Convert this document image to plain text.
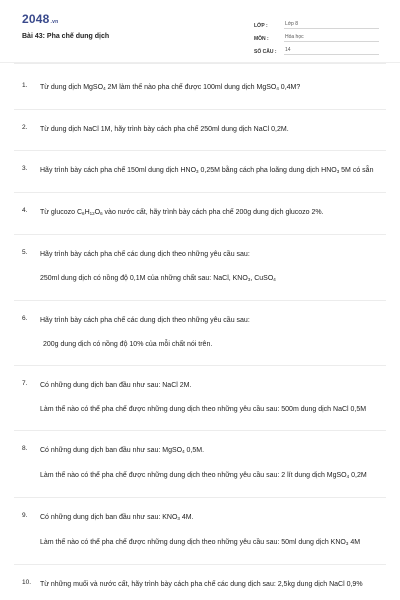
2048.vn
Bài 43: Pha chế dung dịch
LỚP :	Lớp 8
MÔN :	Hóa học
SỐ CÂU :	14
1. Từ dung dịch MgSO$_4$ 2M làm thế nào pha chế được 100ml dung dịch MgSO$_4$ 0,4M?
2. Từ dung dịch NaCl 1M, hãy trình bày cách pha chế 250ml dung dịch NaCl 0,2M.
3. Hãy trình bày cách pha chế 150ml dung dịch $HNO_3$ 0,25M bằng cách pha loãng dung dịch $HNO_3$ 5M có sẵn
4. Từ glucozo $C_6H_{12}O_6$ vào nước cất, hãy trình bày cách pha chế 200g dung dịch glucozo 2%.
5. Hãy trình bày cách pha chế các dung dịch theo những yêu cầu sau:
250ml dung dịch có nồng độ 0,1M của những chất sau: NaCl, $KNO_3$, CuSO$_4$
6. Hãy trình bày cách pha chế các dung dịch theo những yêu cầu sau:
200g dung dịch có nồng độ 10% của mỗi chất nói trên.
7. Có những dung dịch ban đầu như sau: NaCl 2M.
Làm thế nào có thể pha chế được những dung dịch theo những yêu cầu sau: 500m dung dịch NaCl 0,5M
8. Có những dung dịch ban đầu như sau: MgSO$_4$ 0,5M.
Làm thế nào có thể pha chế được những dung dịch theo những yêu cầu sau: 2 lít dung dịch MgSO$_4$ 0,2M
9. Có những dung dịch ban đầu như sau: $KNO_3$ 4M.
Làm thế nào có thể pha chế được những dung dịch theo những yêu cầu sau: 50ml dung dịch $KNO_3$ 4M
10. Từ những muối và nước cất, hãy trình bày cách pha chế các dung dịch sau: 2,5kg dung dịch NaCl 0,9%
